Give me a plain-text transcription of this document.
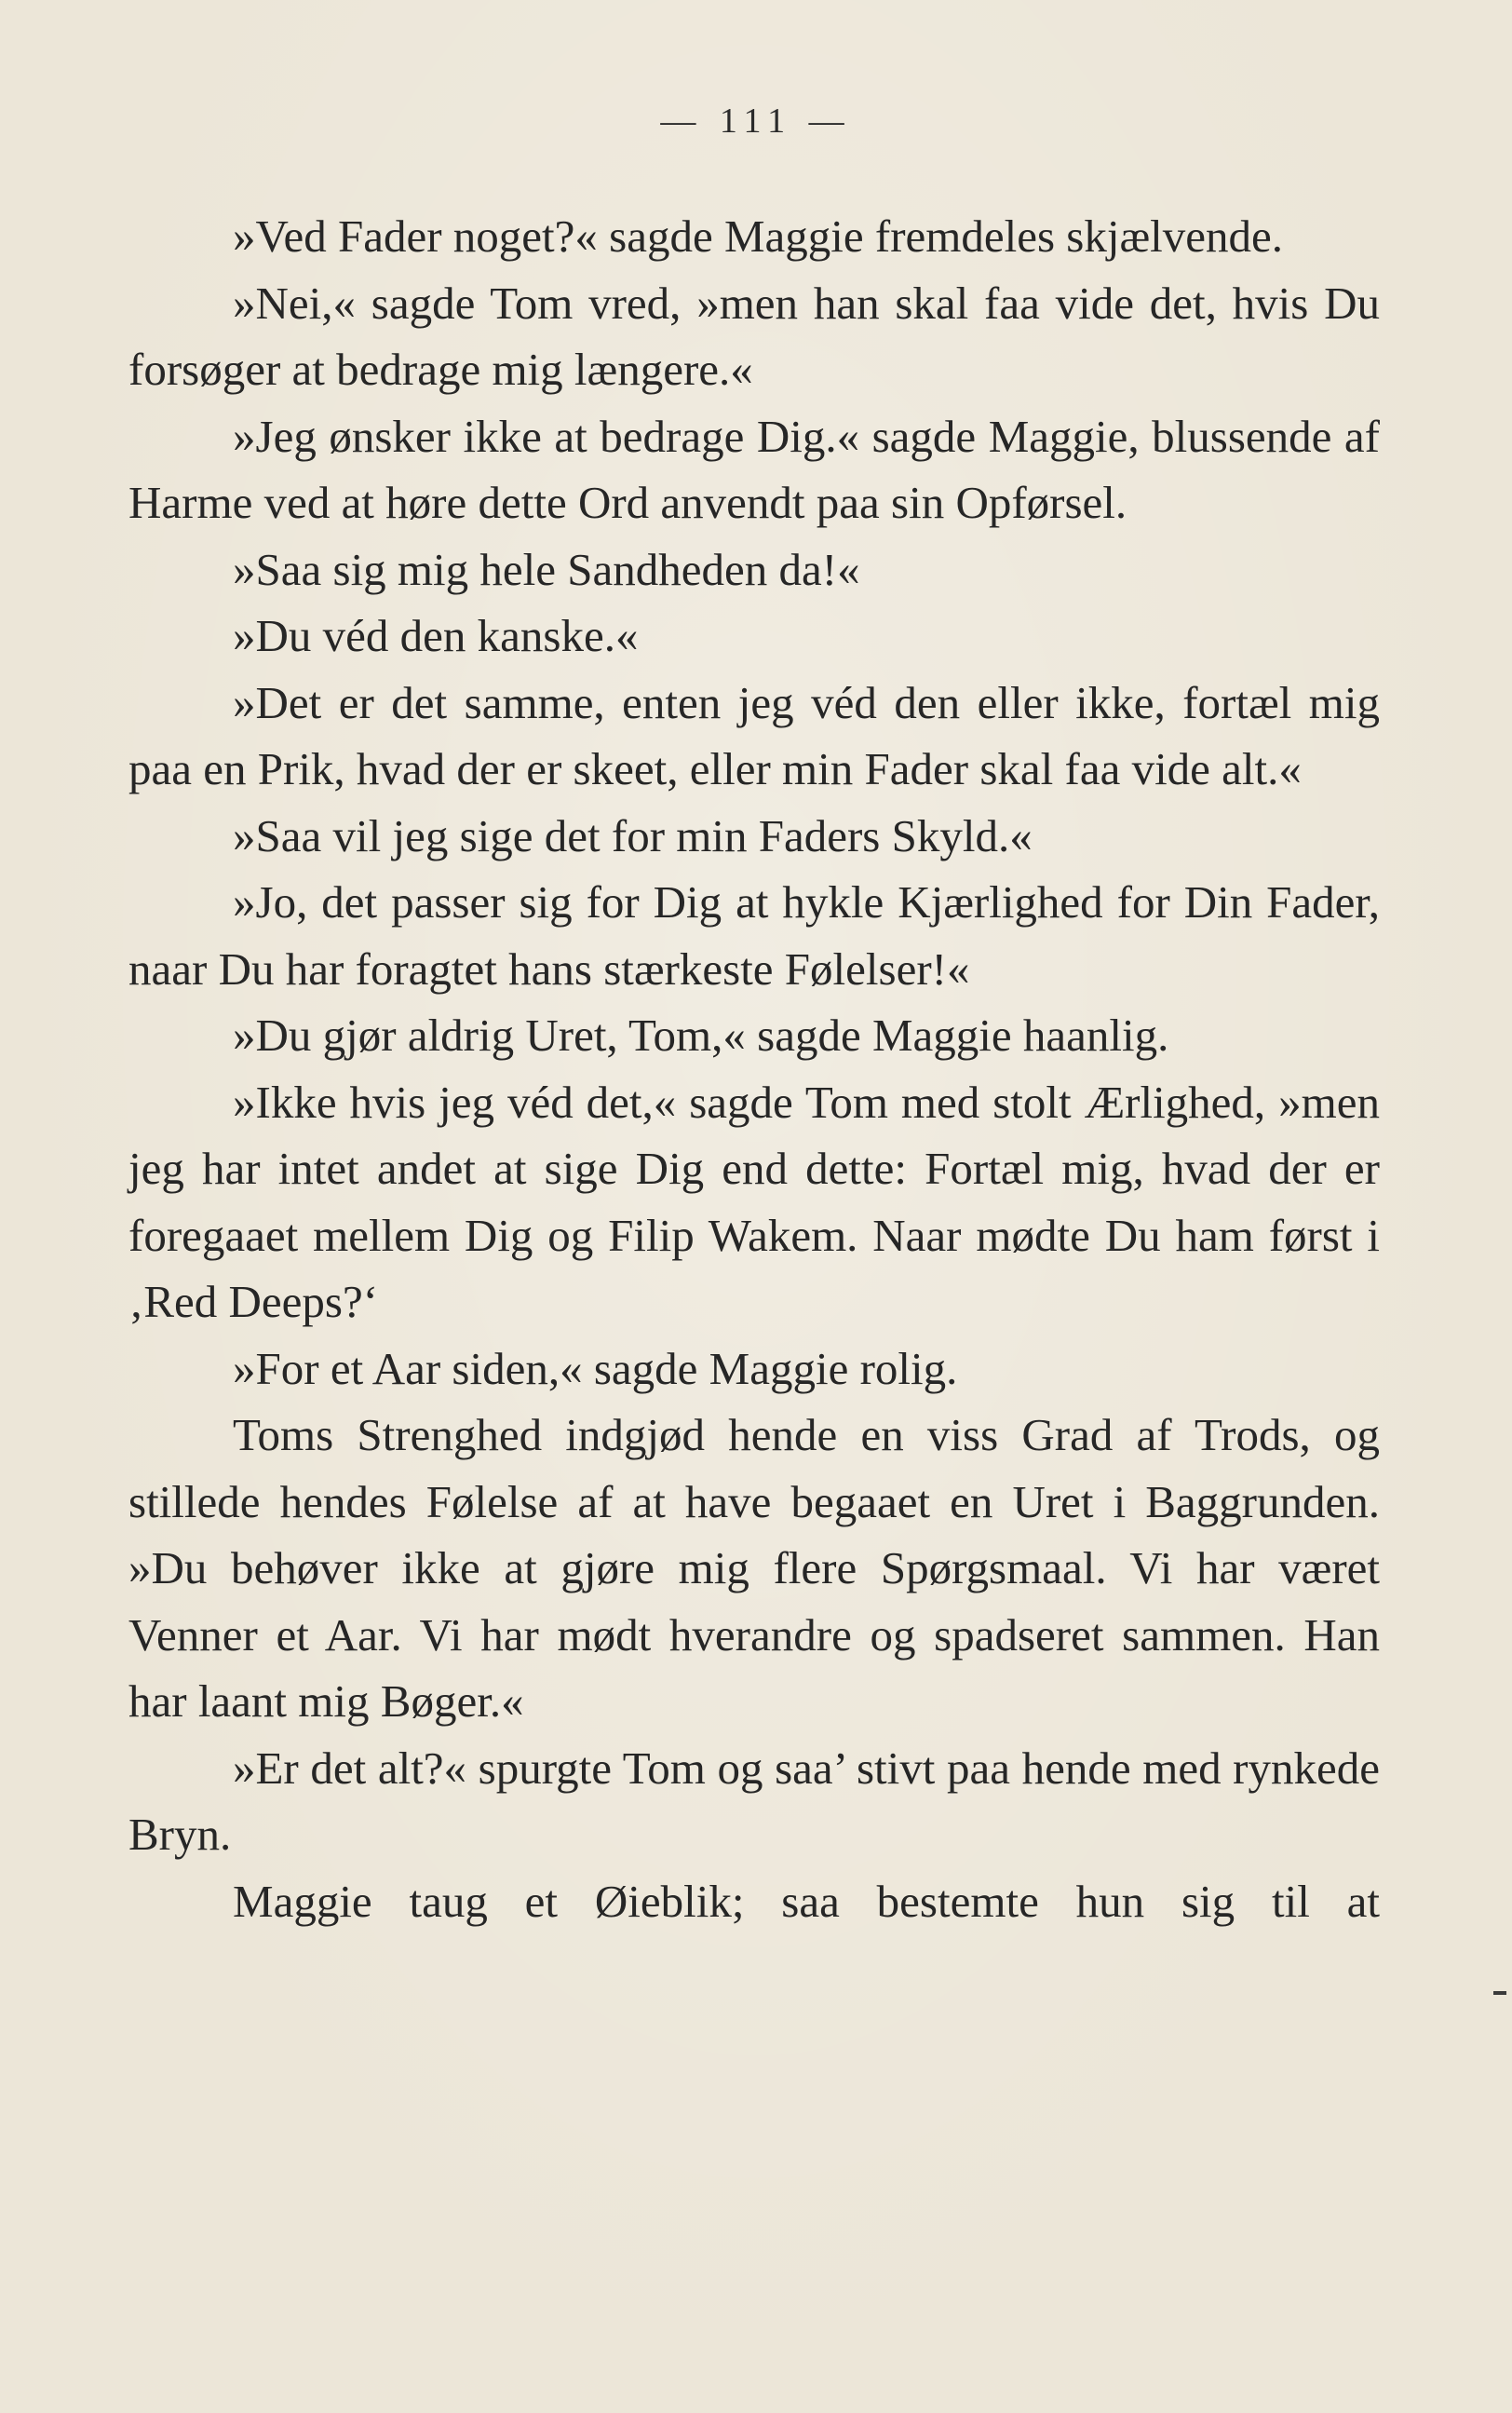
— 111 —

»Ved Fader noget?« sagde Maggie fremdeles skjælvende.

»Nei,« sagde Tom vred, »men han skal faa vide det, hvis Du forsøger at bedrage mig længere.«

»Jeg ønsker ikke at bedrage Dig.« sagde Maggie, blussende af Harme ved at høre dette Ord anvendt paa sin Opførsel.

»Saa sig mig hele Sandheden da!«

»Du véd den kanske.«

»Det er det samme, enten jeg véd den eller ikke, fortæl mig paa en Prik, hvad der er skeet, eller min Fader skal faa vide alt.«

»Saa vil jeg sige det for min Faders Skyld.«

»Jo, det passer sig for Dig at hykle Kjærlighed for Din Fader, naar Du har foragtet hans stærkeste Følelser!«

»Du gjør aldrig Uret, Tom,« sagde Maggie haanlig.

»Ikke hvis jeg véd det,« sagde Tom med stolt Ærlighed, »men jeg har intet andet at sige Dig end dette: Fortæl mig, hvad der er foregaaet mellem Dig og Filip Wakem. Naar mødte Du ham først i ‚Red Deeps?‘

»For et Aar siden,« sagde Maggie rolig.

Toms Strenghed indgjød hende en viss Grad af Trods, og stillede hendes Følelse af at have begaaet en Uret i Baggrunden. »Du behøver ikke at gjøre mig flere Spørgsmaal. Vi har været Venner et Aar. Vi har mødt hverandre og spadseret sammen. Han har laant mig Bøger.«

»Er det alt?« spurgte Tom og saa’ stivt paa hende med rynkede Bryn.

Maggie taug et Øieblik; saa bestemte hun sig til at
